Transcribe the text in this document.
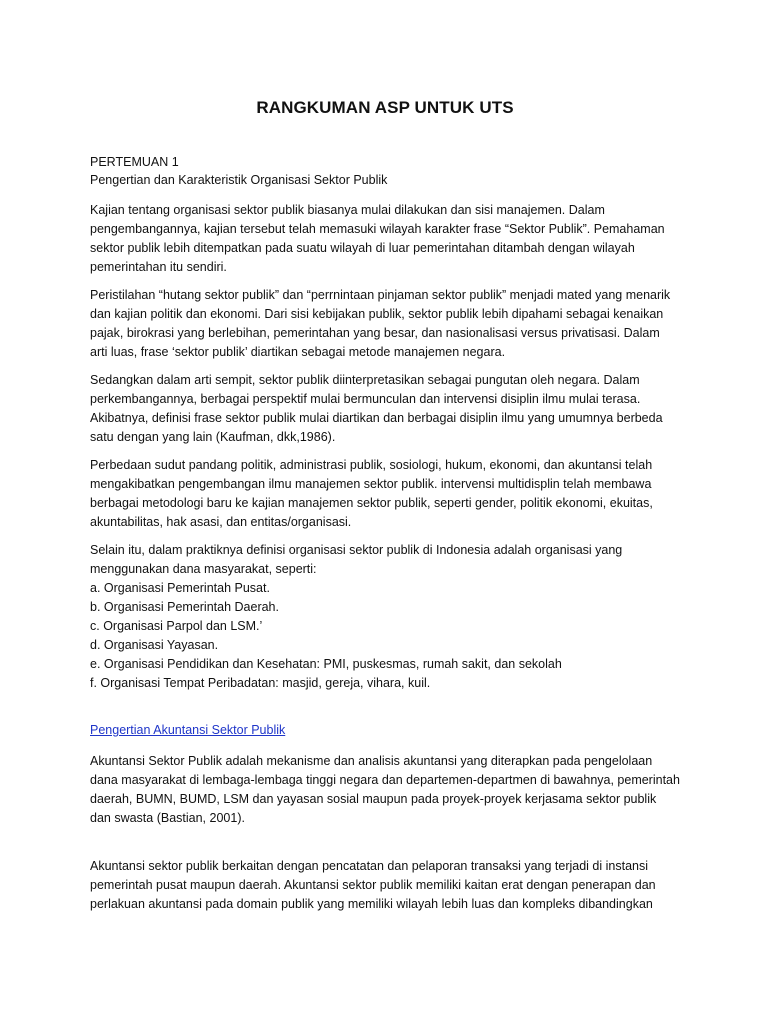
RANGKUMAN ASP UNTUK UTS
PERTEMUAN 1
Pengertian dan Karakteristik Organisasi Sektor Publik

Kajian tentang organisasi sektor publik biasanya mulai dilakukan dan sisi manajemen. Dalam pengembangannya, kajian tersebut telah memasuki wilayah karakter frase “Sektor Publik”. Pemahaman sektor publik lebih ditempatkan pada suatu wilayah di luar pemerintahan ditambah dengan wilayah pemerintahan itu sendiri.

Peristilahan “hutang sektor publik” dan “perrnintaan pinjaman sektor publik” menjadi mated yang menarik dan kajian politik dan ekonomi. Dari sisi kebijakan publik, sektor publik lebih dipahami sebagai kenaikan pajak, birokrasi yang berlebihan, pemerintahan yang besar, dan nasionalisasi versus privatisasi. Dalam arti luas, frase ‘sektor publik’ diartikan sebagai metode manajemen negara.

Sedangkan dalam arti sempit, sektor publik diinterpretasikan sebagai pungutan oleh negara. Dalam perkembangannya, berbagai perspektif mulai bermunculan dan intervensi disiplin ilmu mulai terasa. Akibatnya, definisi frase sektor publik mulai diartikan dan berbagai disiplin ilmu yang umumnya berbeda satu dengan yang lain (Kaufman, dkk,1986).

Perbedaan sudut pandang politik, administrasi publik, sosiologi, hukum, ekonomi, dan akuntansi telah mengakibatkan pengembangan ilmu manajemen sektor publik. intervensi multidisplin telah membawa berbagai metodologi baru ke kajian manajemen sektor publik, seperti gender, politik ekonomi, ekuitas, akuntabilitas, hak asasi, dan entitas/organisasi.

Selain itu, dalam praktiknya definisi organisasi sektor publik di Indonesia adalah organisasi yang menggunakan dana masyarakat, seperti:

a. Organisasi Pemerintah Pusat.
b. Organisasi Pemerintah Daerah.
c. Organisasi Parpol dan LSM.’
d. Organisasi Yayasan.
e. Organisasi Pendidikan dan Kesehatan: PMI, puskesmas, rumah sakit, dan sekolah
f. Organisasi Tempat Peribadatan: masjid, gereja, vihara, kuil.
Pengertian Akuntansi Sektor Publik

Akuntansi Sektor Publik adalah mekanisme dan analisis akuntansi yang diterapkan pada pengelolaan dana masyarakat di lembaga-lembaga tinggi negara dan departemen-departmen di bawahnya, pemerintah daerah, BUMN, BUMD, LSM dan yayasan sosial maupun pada proyek-proyek kerjasama sektor publik dan swasta (Bastian, 2001).

Akuntansi sektor publik berkaitan dengan pencatatan dan pelaporan transaksi yang terjadi di instansi pemerintah pusat maupun daerah. Akuntansi sektor publik memiliki kaitan erat dengan penerapan dan perlakuan akuntansi pada domain publik yang memiliki wilayah lebih luas dan kompleks dibandingkan
